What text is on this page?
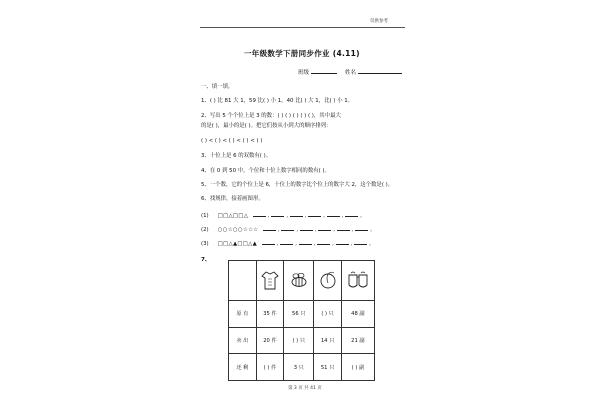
仅供参考
一年级数学下册同步作业 (4.11)
班级	姓名
一、填一填。
1、( ) 比 81 大 1，59 比( ) 小 1，40 比( ) 大 1，比( ) 小 1。
2、写出 5 个个位上是 3 的数：( ) ( ) ( ) ( ) ( )，其中最大
的是( )，最小的是( )。把它们按从小到大的顺序排列：
( ) < ( ) < ( ) < ( ) < ( )
3、十位上是 6 的双数有( )。
4、在 0 到 50 中，个位和十位上数字相同的数有( )。
5、一个数，它的个位上是 6，十位上的数字比个位上的数字大 2，这个数是( )。
6、找规律，接着画图形。
(1) □□△□□△	,	,	,	,	,	。
(2) ○○☆○○☆☆☆	,	,	,	,	,	。
(3) □□△▲□□△▲	,	,	,	,	,	。
7、

原 有	35 件	56 只	( ) 只	48 副
卖 出	20 件	( ) 只	14 只	21 副
还 剩	( ) 件	3 只	51 只	( ) 副
第 3 页 共 41 页
